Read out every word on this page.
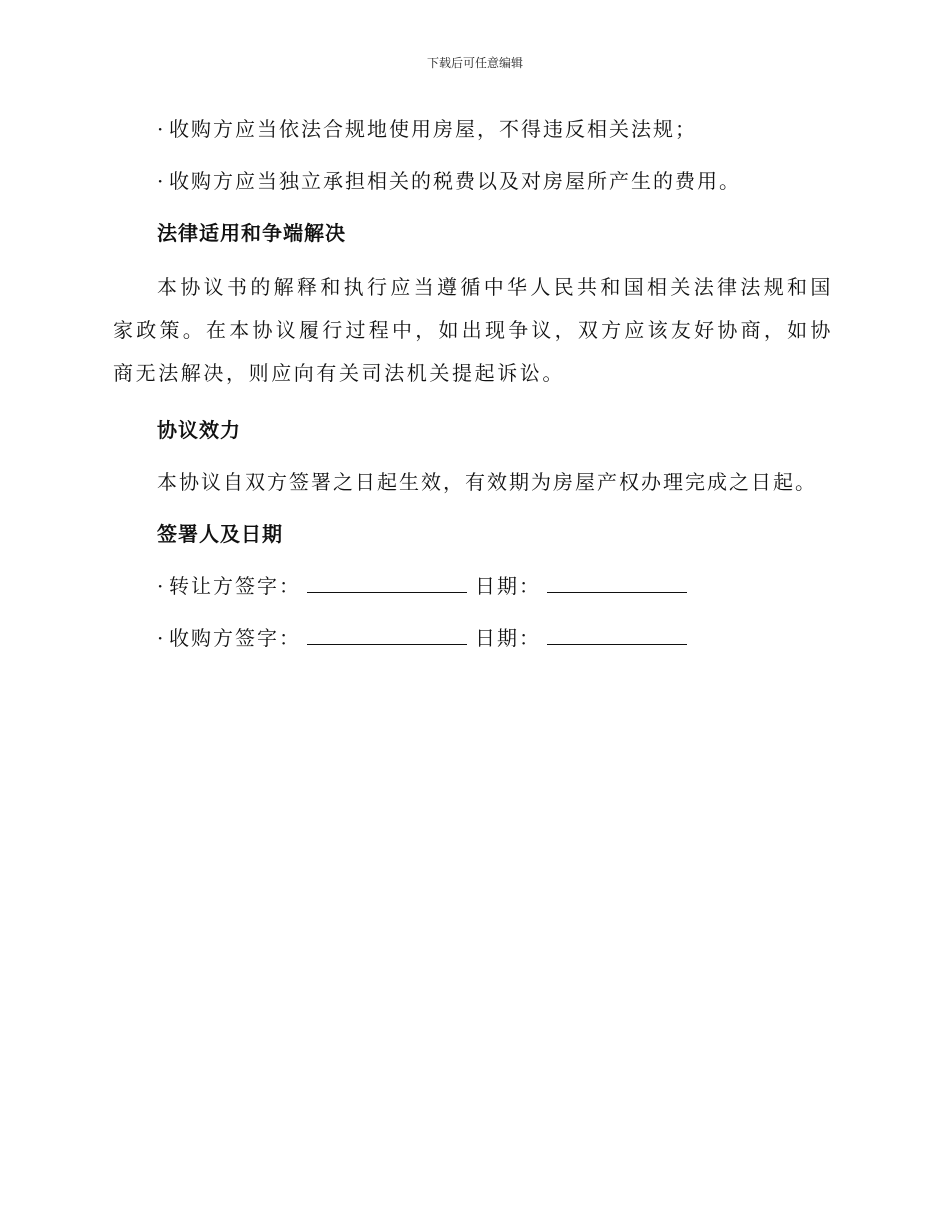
下载后可任意编辑
· 收购方应当依法合规地使用房屋，不得违反相关法规；
· 收购方应当独立承担相关的税费以及对房屋所产生的费用。
法律适用和争端解决

本协议书的解释和执行应当遵循中华人民共和国相关法律法规和国家政策。在本协议履行过程中，如出现争议，双方应该友好协商，如协商无法解决，则应向有关司法机关提起诉讼。

协议效力
本协议自双方签署之日起生效，有效期为房屋产权办理完成之日起。
签署人及日期
· 转让方签字：	日期：
· 收购方签字：	日期：
